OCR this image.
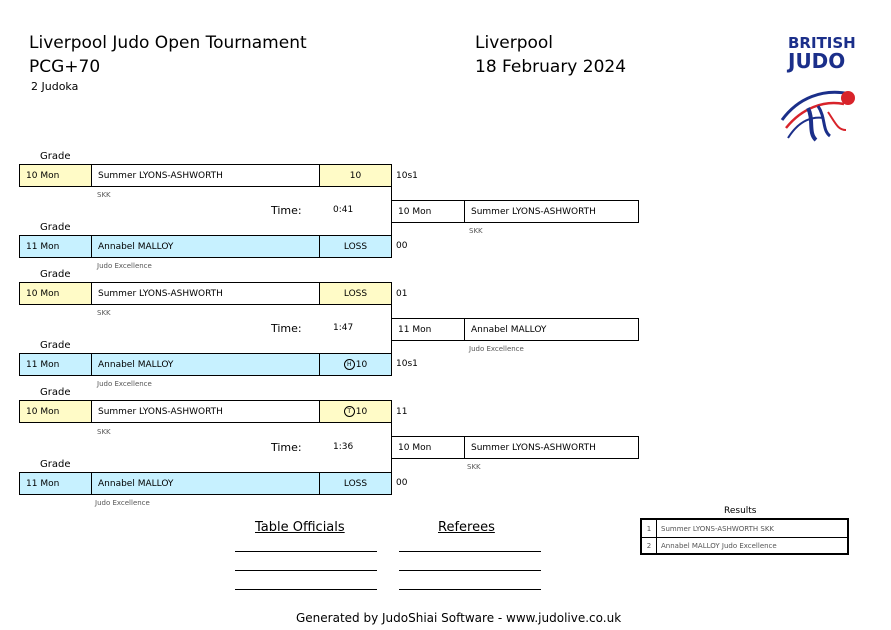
Liverpool Judo Open Tournament
PCG+70
2 Judoka
Liverpool
18 February 2024
BRITISH
JUDO
Grade
10 Mon	Summer LYONS-ASHWORTH	10	10s1
SKK
Time:	0:41	10 Mon	Summer LYONS-ASHWORTH
SKK
Grade
11 Mon	Annabel MALLOY	LOSS	00
Judo Excellence
Grade
10 Mon	Summer LYONS-ASHWORTH	LOSS	01
SKK
Time:	1:47	11 Mon	Annabel MALLOY
Judo Excellence
Grade
11 Mon	Annabel MALLOY	H 10	10s1
Judo Excellence
Grade
10 Mon	Summer LYONS-ASHWORTH	T 10	11
SKK
Time:	1:36	10 Mon	Summer LYONS-ASHWORTH
SKK
Grade
11 Mon	Annabel MALLOY	LOSS	00
Judo Excellence
Table Officials	Referees
Results
1	Summer LYONS-ASHWORTH SKK
2	Annabel MALLOY Judo Excellence
Generated by JudoShiai Software - www.judolive.co.uk
